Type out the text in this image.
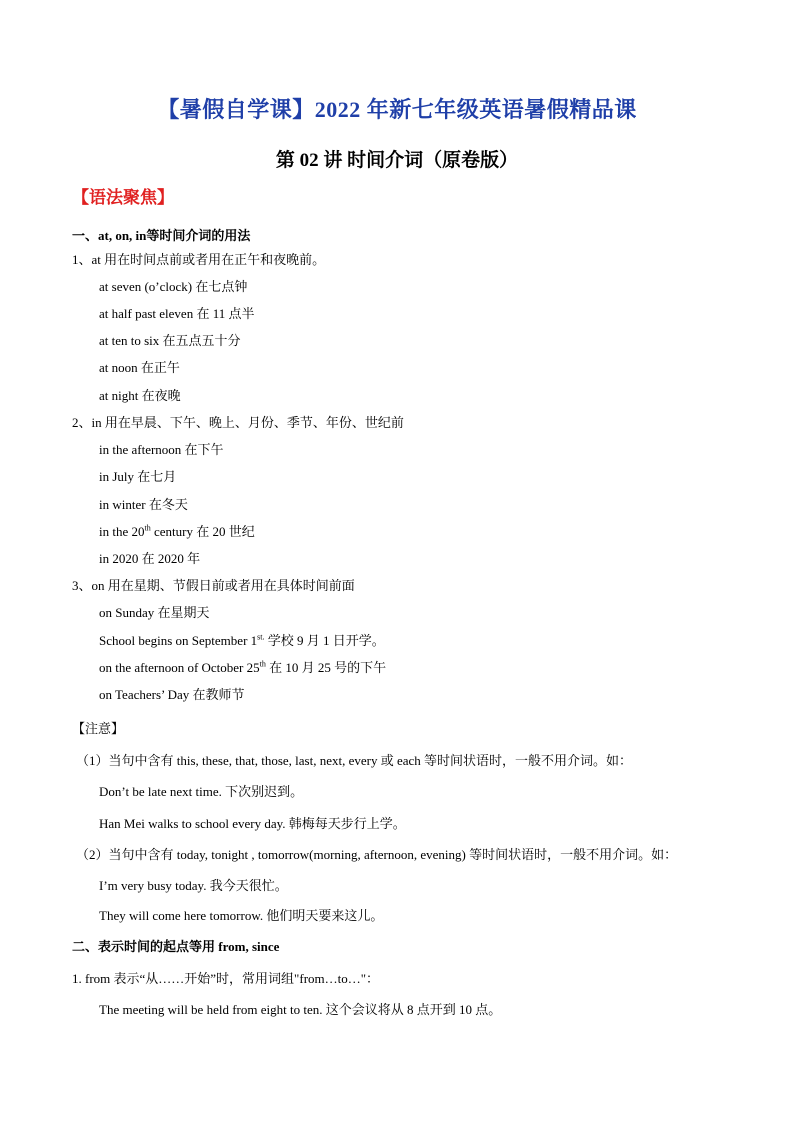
【暑假自学课】2022 年新七年级英语暑假精品课
第 02 讲 时间介词（原卷版）
【语法聚焦】
一、at, on, in等时间介词的用法
1、at 用在时间点前或者用在正午和夜晚前。
at seven (o’clock) 在七点钟
at half past eleven 在 11 点半
at ten to six 在五点五十分
at noon 在正午
at night 在夜晚
2、in 用在早晨、下午、晚上、月份、季节、年份、世纪前
in the afternoon 在下午
in July 在七月
in winter 在冬天
in the 20th century 在 20 世纪
in 2020 在 2020 年
3、on 用在星期、节假日前或者用在具体时间前面
on Sunday 在星期天
School begins on September $1^{st.}$ 学校 9 月 1 日开学。
on the afternoon of October 25th 在 10 月 25 号的下午
on Teachers’ Day 在教师节
【注意】
（1）当句中含有 this, these, that, those, last, next, every 或 each 等时间状语时，一般不用介词。如：
Don’t be late next time. 下次别迟到。
Han Mei walks to school every day. 韩梅每天步行上学。
（2）当句中含有 today, tonight , tomorrow(morning, afternoon, evening) 等时间状语时，一般不用介词。如：
I’m very busy today. 我今天很忙。
They will come here tomorrow. 他们明天要来这儿。
二、表示时间的起点等用 from, since
1. from 表示“从……开始”时，常用词组"from…to…"：
The meeting will be held from eight to ten. 这个会议将从 8 点开到 10 点。
